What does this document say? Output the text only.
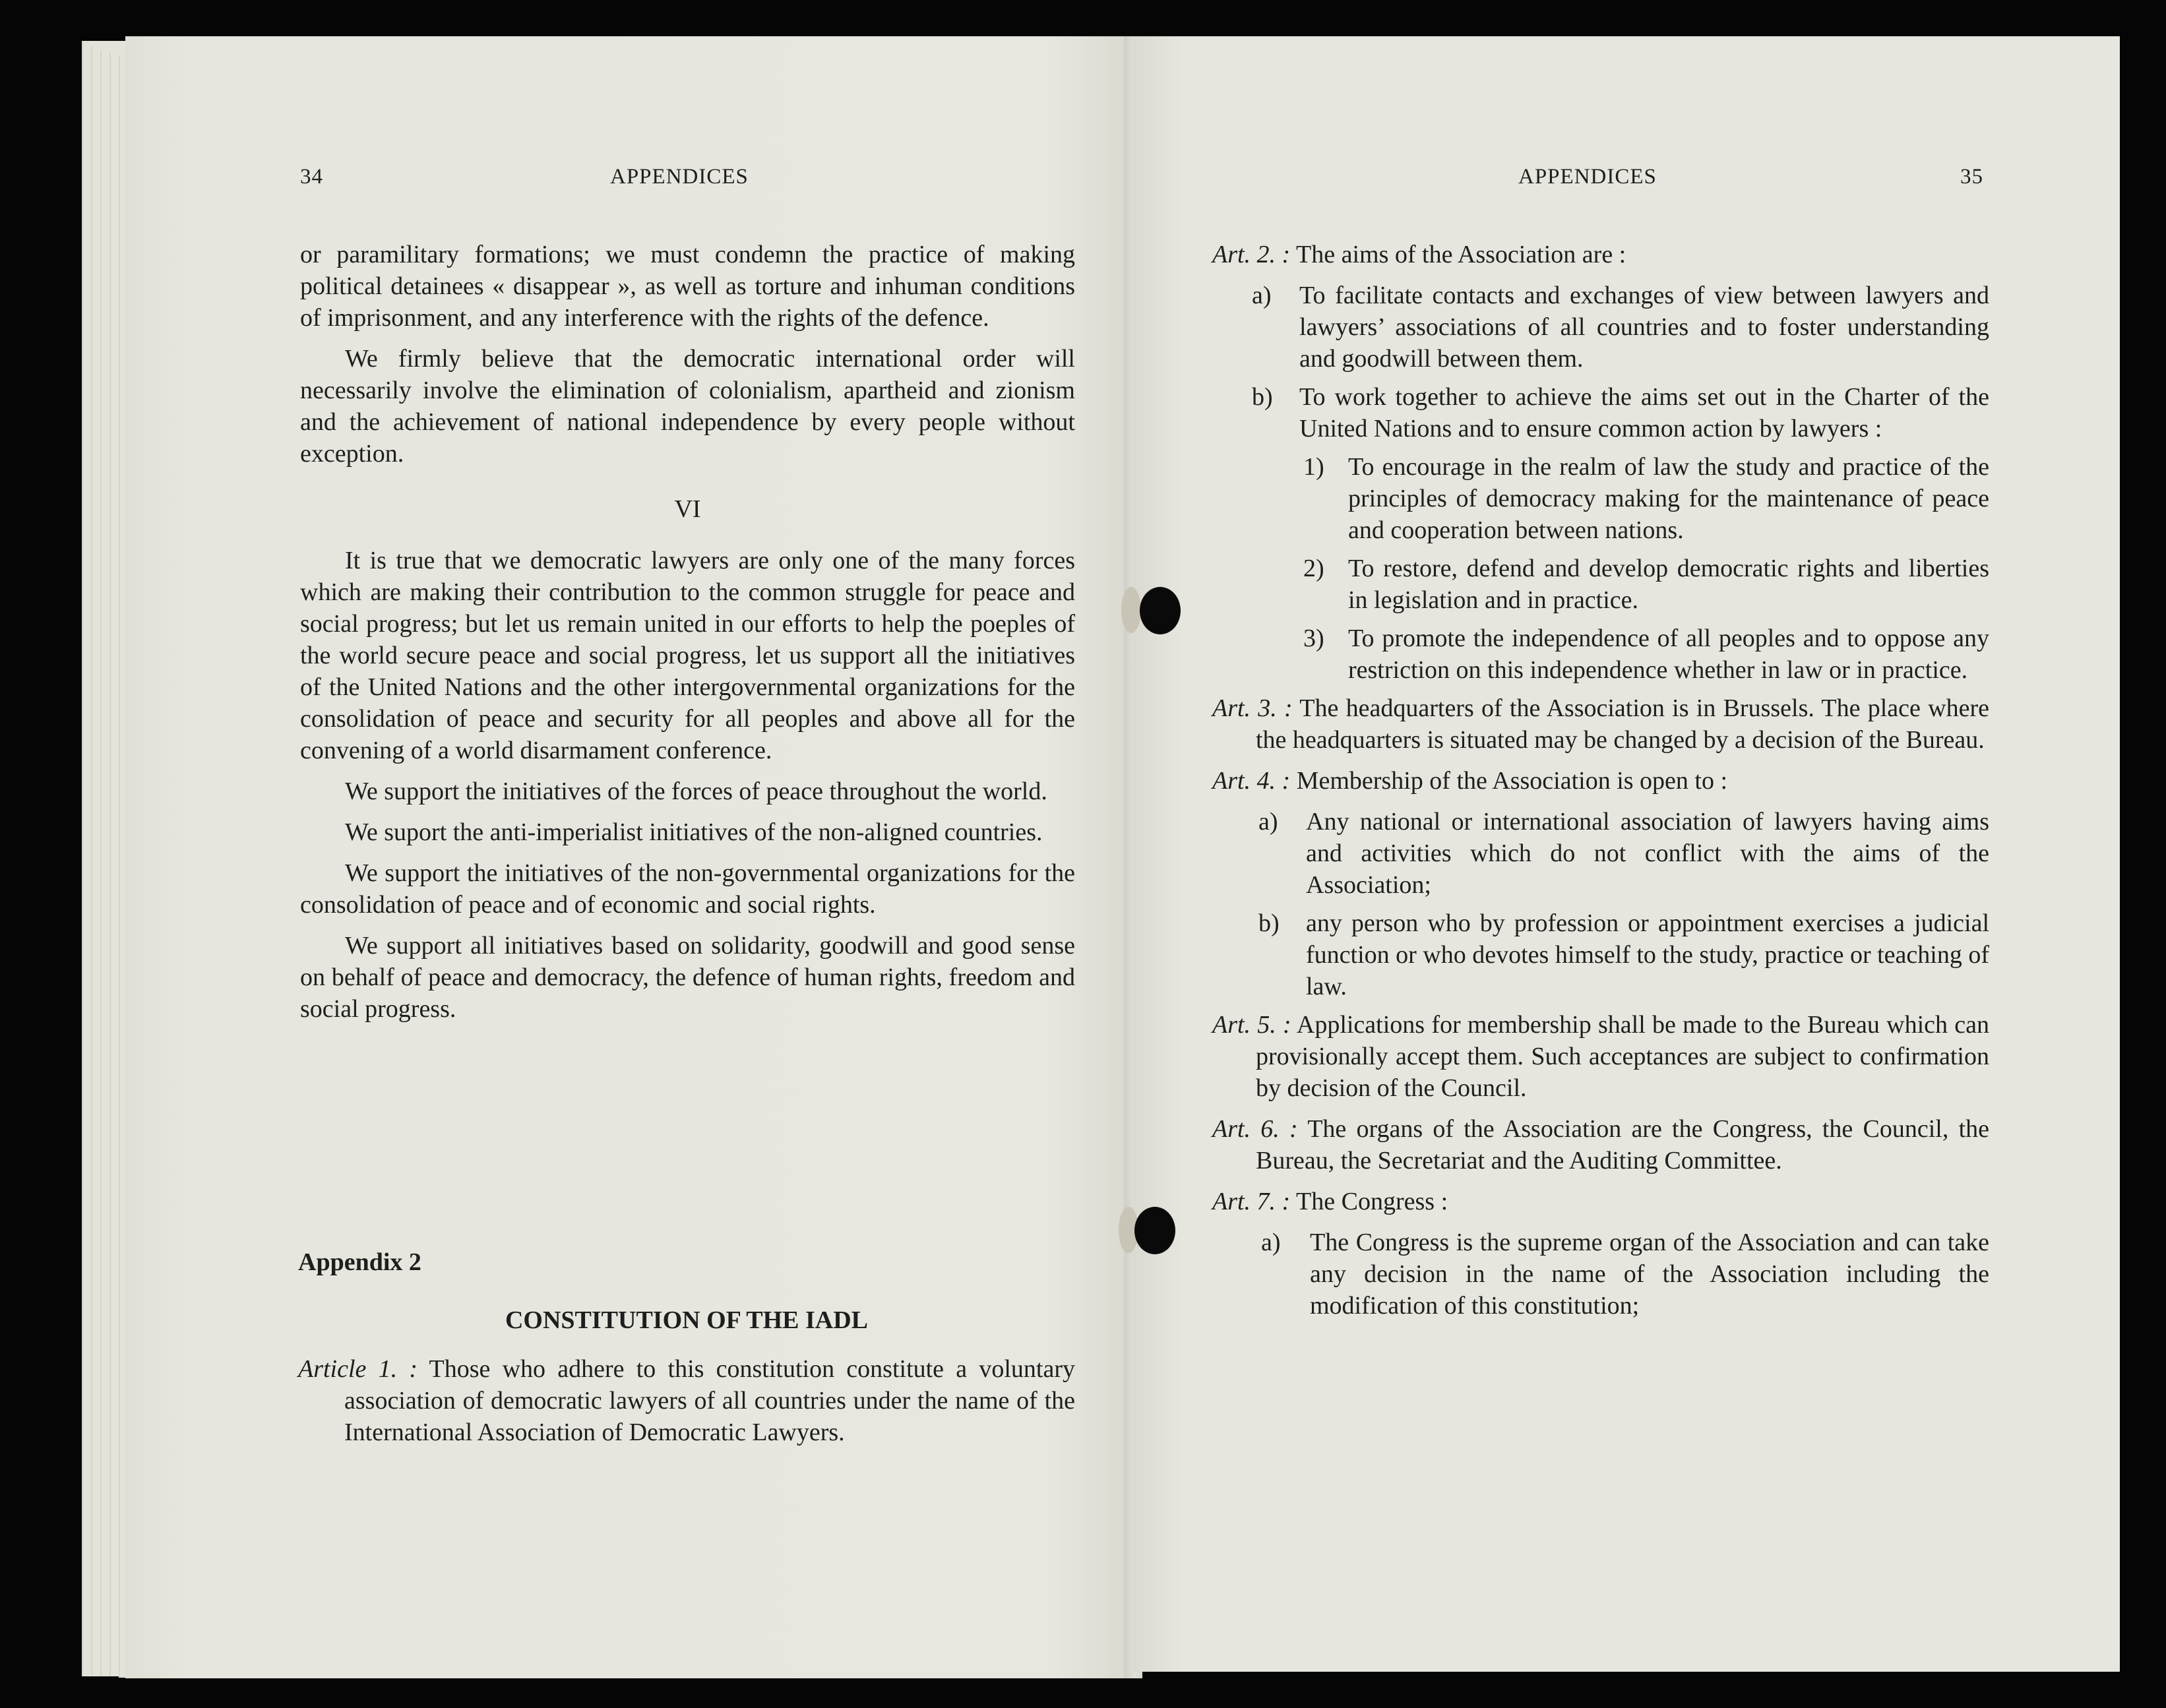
34	APPENDICES

or paramilitary formations; we must condemn the practice of making political detainees « disappear », as well as torture and inhuman conditions of imprisonment, and any interference with the rights of the defence.

We firmly believe that the democratic international order will necessarily involve the elimination of colonialism, apartheid and zionism and the achievement of national independence by every people without exception.

VI

It is true that we democratic lawyers are only one of the many forces which are making their contribution to the common struggle for peace and social progress; but let us remain united in our efforts to help the poeples of the world secure peace and social progress, let us support all the initiatives of the United Nations and the other intergovernmental organizations for the consolidation of peace and security for all peoples and above all for the convening of a world disarmament conference.

We support the initiatives of the forces of peace throughout the world.

We suport the anti-imperialist initiatives of the non-aligned countries.

We support the initiatives of the non-governmental organizations for the consolidation of peace and of economic and social rights.

We support all initiatives based on solidarity, goodwill and good sense on behalf of peace and democracy, the defence of human rights, freedom and social progress.

Appendix 2

CONSTITUTION OF THE IADL

Article 1. : Those who adhere to this constitution constitute a voluntary association of democratic lawyers of all countries under the name of the International Association of Democratic Lawyers.

APPENDICES	35

Art. 2. : The aims of the Association are :

a) To facilitate contacts and exchanges of view between lawyers and lawyers’ associations of all countries and to foster understanding and goodwill between them.
b) To work together to achieve the aims set out in the Charter of the United Nations and to ensure common action by lawyers :
1) To encourage in the realm of law the study and practice of the principles of democracy making for the maintenance of peace and cooperation between nations.
2) To restore, defend and develop democratic rights and liberties in legislation and in practice.
3) To promote the independence of all peoples and to oppose any restriction on this independence whether in law or in practice.

Art. 3. : The headquarters of the Association is in Brussels. The place where the headquarters is situated may be changed by a decision of the Bureau.

Art. 4. : Membership of the Association is open to :

a) Any national or international association of lawyers having aims and activities which do not conflict with the aims of the Association;
b) any person who by profession or appointment exercises a judicial function or who devotes himself to the study, practice or teaching of law.

Art. 5. : Applications for membership shall be made to the Bureau which can provisionally accept them. Such acceptances are subject to confirmation by decision of the Council.

Art. 6. : The organs of the Association are the Congress, the Council, the Bureau, the Secretariat and the Auditing Committee.

Art. 7. : The Congress :

a) The Congress is the supreme organ of the Association and can take any decision in the name of the Association including the modification of this constitution;
